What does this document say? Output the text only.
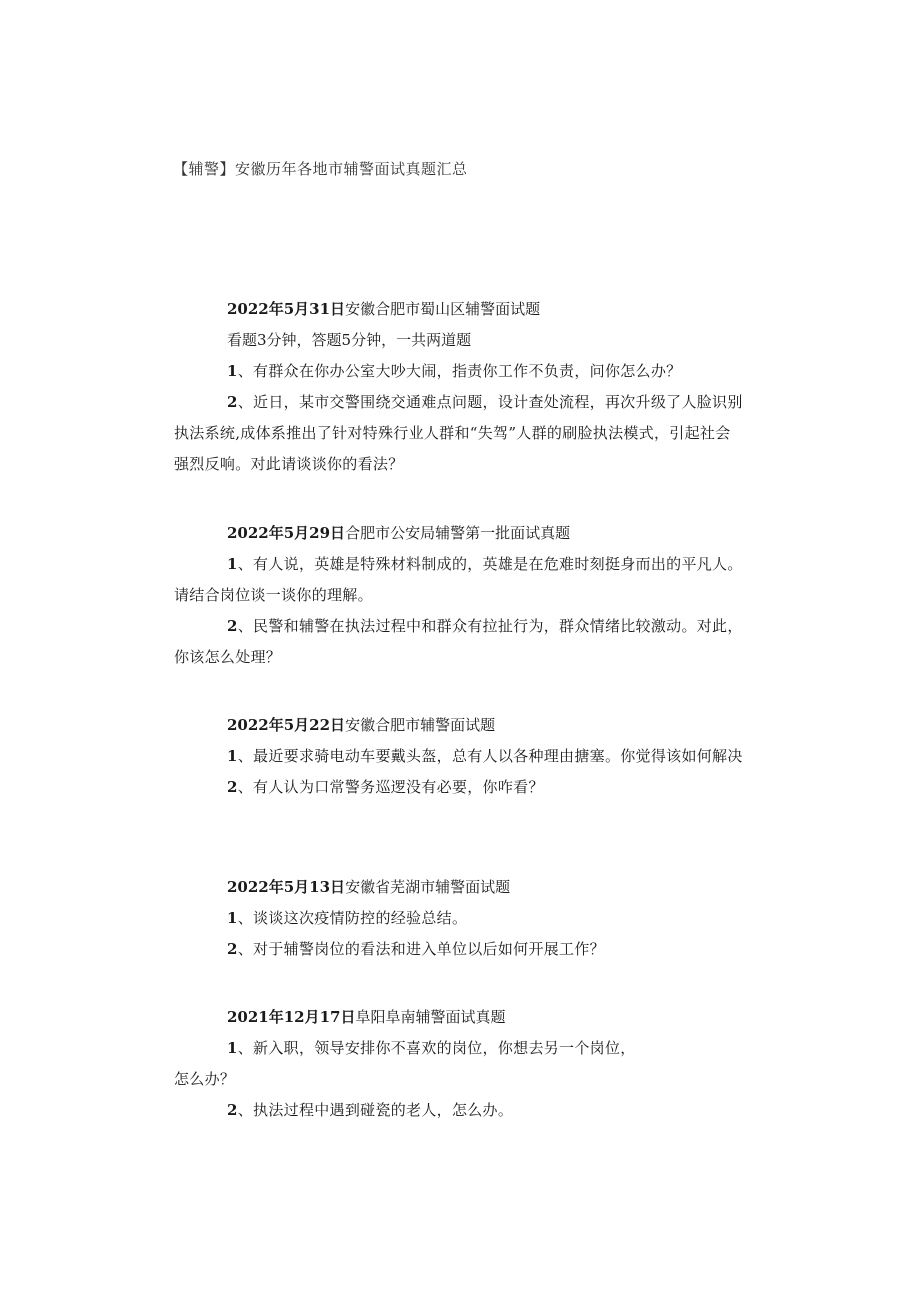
【辅警】安徽历年各地市辅警面试真题汇总
2022年5月31日安徽合肥市蜀山区辅警面试题
看题3分钟，答题5分钟，一共两道题
1、有群众在你办公室大吵大闹，指责你工作不负责，问你怎么办？
2、近日，某市交警围绕交通难点问题，设计查处流程，再次升级了人脸识别执法系统,成体系推出了针对特殊行业人群和“失驾”人群的刷脸执法模式，引起社会强烈反响。对此请谈谈你的看法？
2022年5月29日合肥市公安局辅警第一批面试真题
1、有人说，英雄是特殊材料制成的，英雄是在危难时刻挺身而出的平凡人。请结合岗位谈一谈你的理解。
2、民警和辅警在执法过程中和群众有拉扯行为，群众情绪比较激动。对此，你该怎么处理？
2022年5月22日安徽合肥市辅警面试题
1、最近要求骑电动车要戴头盔，总有人以各种理由搪塞。你觉得该如何解决
2、有人认为口常警务巡逻没有必要，你咋看？
2022年5月13日安徽省芜湖市辅警面试题
1、谈谈这次疫情防控的经验总结。
2、对于辅警岗位的看法和进入单位以后如何开展工作？
2021年12月17日阜阳阜南辅警面试真题
1、新入职，领导安排你不喜欢的岗位，你想去另一个岗位，
怎么办？
2、执法过程中遇到碰瓷的老人，怎么办。
